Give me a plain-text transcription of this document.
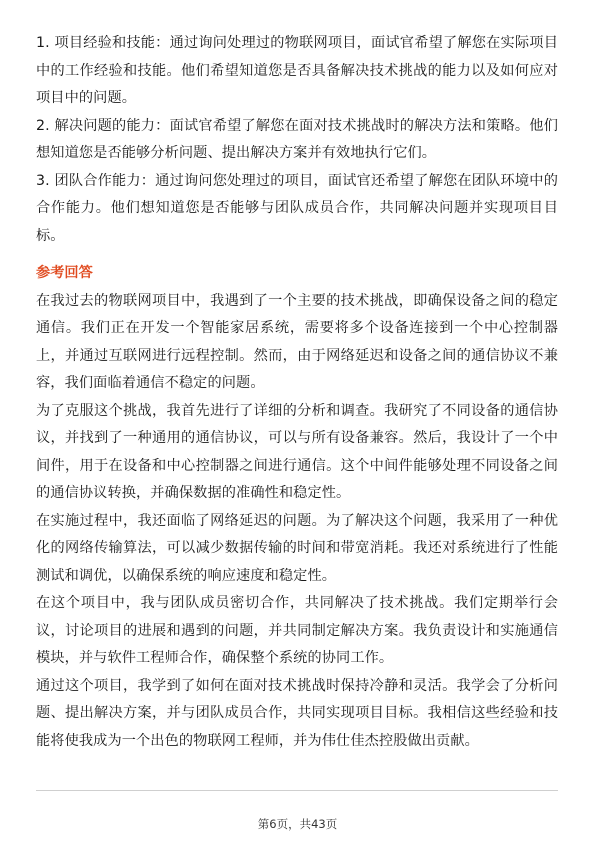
1. 项目经验和技能：通过询问处理过的物联网项目，面试官希望了解您在实际项目中的工作经验和技能。他们希望知道您是否具备解决技术挑战的能力以及如何应对项目中的问题。

2. 解决问题的能力：面试官希望了解您在面对技术挑战时的解决方法和策略。他们想知道您是否能够分析问题、提出解决方案并有效地执行它们。

3. 团队合作能力：通过询问您处理过的项目，面试官还希望了解您在团队环境中的合作能力。他们想知道您是否能够与团队成员合作，共同解决问题并实现项目目标。

参考回答

在我过去的物联网项目中，我遇到了一个主要的技术挑战，即确保设备之间的稳定通信。我们正在开发一个智能家居系统，需要将多个设备连接到一个中心控制器上，并通过互联网进行远程控制。然而，由于网络延迟和设备之间的通信协议不兼容，我们面临着通信不稳定的问题。

为了克服这个挑战，我首先进行了详细的分析和调查。我研究了不同设备的通信协议，并找到了一种通用的通信协议，可以与所有设备兼容。然后，我设计了一个中间件，用于在设备和中心控制器之间进行通信。这个中间件能够处理不同设备之间的通信协议转换，并确保数据的准确性和稳定性。

在实施过程中，我还面临了网络延迟的问题。为了解决这个问题，我采用了一种优化的网络传输算法，可以减少数据传输的时间和带宽消耗。我还对系统进行了性能测试和调优，以确保系统的响应速度和稳定性。

在这个项目中，我与团队成员密切合作，共同解决了技术挑战。我们定期举行会议，讨论项目的进展和遇到的问题，并共同制定解决方案。我负责设计和实施通信模块，并与软件工程师合作，确保整个系统的协同工作。

通过这个项目，我学到了如何在面对技术挑战时保持冷静和灵活。我学会了分析问题、提出解决方案，并与团队成员合作，共同实现项目目标。我相信这些经验和技能将使我成为一个出色的物联网工程师，并为伟仕佳杰控股做出贡献。

第6页，共43页
